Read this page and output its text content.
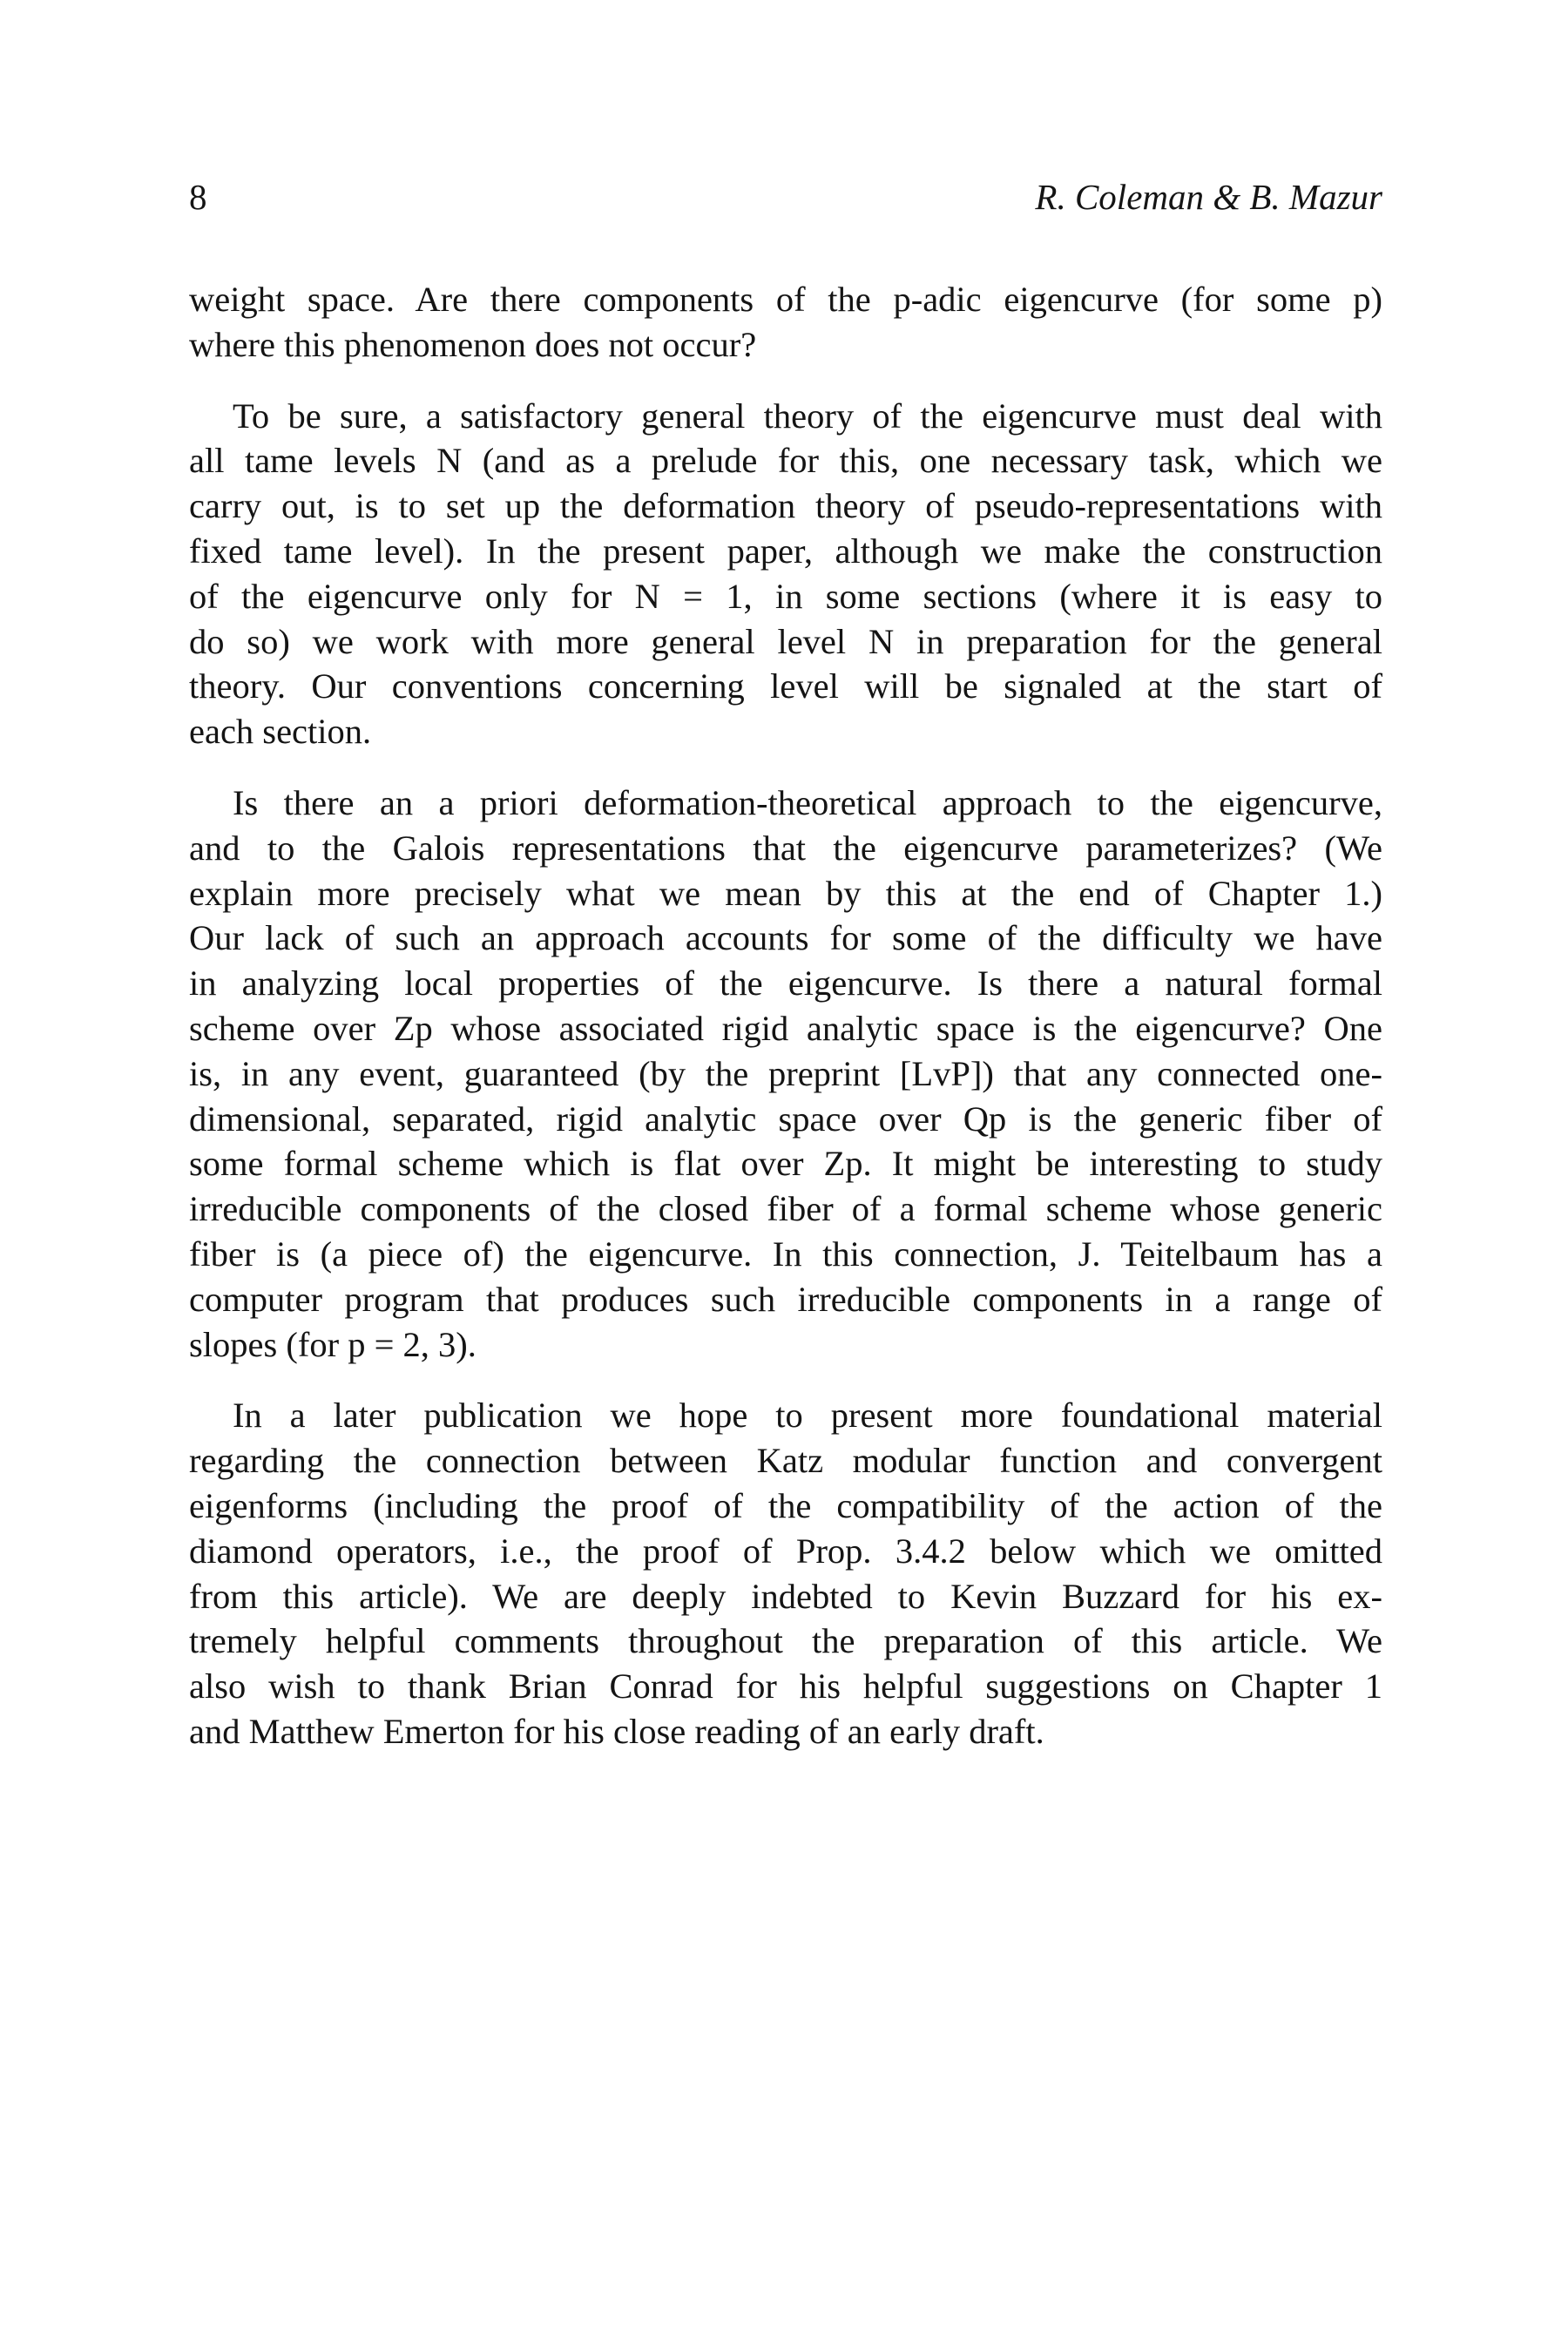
8	R. Coleman & B. Mazur

weight space. Are there components of the p-adic eigencurve (for some p)
where this phenomenon does not occur?

To be sure, a satisfactory general theory of the eigencurve must deal with
all tame levels N (and as a prelude for this, one necessary task, which we
carry out, is to set up the deformation theory of pseudo-representations with
fixed tame level). In the present paper, although we make the construction
of the eigencurve only for N = 1, in some sections (where it is easy to
do so) we work with more general level N in preparation for the general
theory. Our conventions concerning level will be signaled at the start of
each section.

Is there an a priori deformation-theoretical approach to the eigencurve,
and to the Galois representations that the eigencurve parameterizes? (We
explain more precisely what we mean by this at the end of Chapter 1.)
Our lack of such an approach accounts for some of the difficulty we have
in analyzing local properties of the eigencurve. Is there a natural formal
scheme over Zp whose associated rigid analytic space is the eigencurve? One
is, in any event, guaranteed (by the preprint [LvP]) that any connected one-
dimensional, separated, rigid analytic space over Qp is the generic fiber of
some formal scheme which is flat over Zp. It might be interesting to study
irreducible components of the closed fiber of a formal scheme whose generic
fiber is (a piece of) the eigencurve. In this connection, J. Teitelbaum has a
computer program that produces such irreducible components in a range of
slopes (for p = 2, 3).

In a later publication we hope to present more foundational material
regarding the connection between Katz modular function and convergent
eigenforms (including the proof of the compatibility of the action of the
diamond operators, i.e., the proof of Prop. 3.4.2 below which we omitted
from this article). We are deeply indebted to Kevin Buzzard for his ex-
tremely helpful comments throughout the preparation of this article. We
also wish to thank Brian Conrad for his helpful suggestions on Chapter 1
and Matthew Emerton for his close reading of an early draft.
